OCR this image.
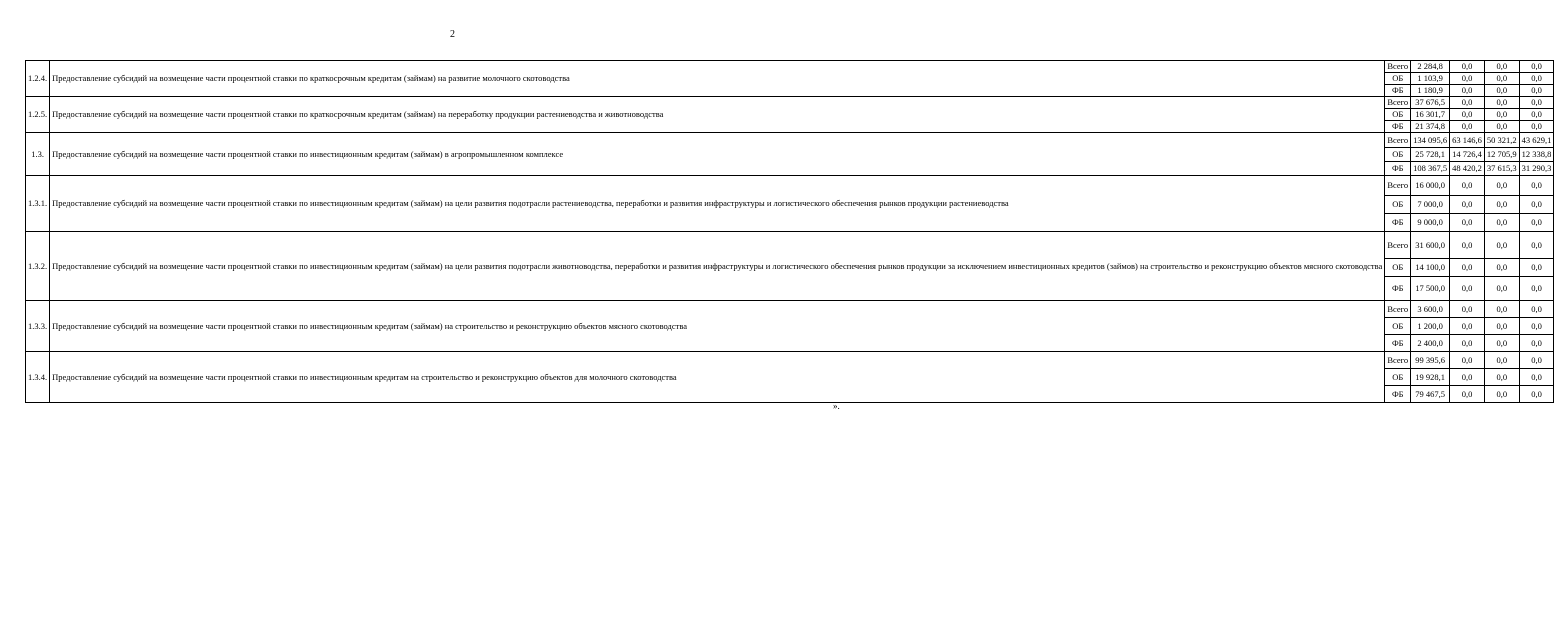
2
1.2.4.	Предоставление субсидий на возмещение части процентной ставки по краткосрочным кредитам (займам) на развитие молочного скотоводства	Всего	2 284,8	0,0	0,0	0,0
		ОБ	1 103,9	0,0	0,0	0,0
		ФБ	1 180,9	0,0	0,0	0,0
1.2.5.	Предоставление субсидий на возмещение части процентной ставки по краткосрочным кредитам (займам) на переработку продукции растениеводства и животноводства	Всего	37 676,5	0,0	0,0	0,0
		ОБ	16 301,7	0,0	0,0	0,0
		ФБ	21 374,8	0,0	0,0	0,0
1.3.	Предоставление субсидий на возмещение части процентной ставки по инвестиционным кредитам (займам) в агропромышленном комплексе	Всего	134 095,6	63 146,6	50 321,2	43 629,1
		ОБ	25 728,1	14 726,4	12 705,9	12 338,8
		ФБ	108 367,5	48 420,2	37 615,3	31 290,3
1.3.1.	Предоставление субсидий на возмещение части процентной ставки по инвестиционным кредитам (займам) на цели развития подотрасли растениеводства, переработки и развития инфраструктуры и логистического обеспечения рынков продукции растениеводства	Всего	16 000,0	0,0	0,0	0,0
		ОБ	7 000,0	0,0	0,0	0,0
		ФБ	9 000,0	0,0	0,0	0,0
1.3.2.	Предоставление субсидий на возмещение части процентной ставки по инвестиционным кредитам (займам) на цели развития подотрасли животноводства, переработки и развития инфраструктуры и логистического обеспечения рынков продукции за исключением инвестиционных кредитов (займов) на строительство и реконструкцию объектов мясного скотоводства	Всего	31 600,0	0,0	0,0	0,0
		ОБ	14 100,0	0,0	0,0	0,0
		ФБ	17 500,0	0,0	0,0	0,0
1.3.3.	Предоставление субсидий на возмещение части процентной ставки по инвестиционным кредитам (займам) на строительство и реконструкцию объектов мясного скотоводства	Всего	3 600,0	0,0	0,0	0,0
		ОБ	1 200,0	0,0	0,0	0,0
		ФБ	2 400,0	0,0	0,0	0,0
1.3.4.	Предоставление субсидий на возмещение части процентной ставки по инвестиционным кредитам на строительство и реконструкцию объектов для молочного скотоводства	Всего	99 395,6	0,0	0,0	0,0
		ОБ	19 928,1	0,0	0,0	0,0
		ФБ	79 467,5	0,0	0,0	0,0
».
